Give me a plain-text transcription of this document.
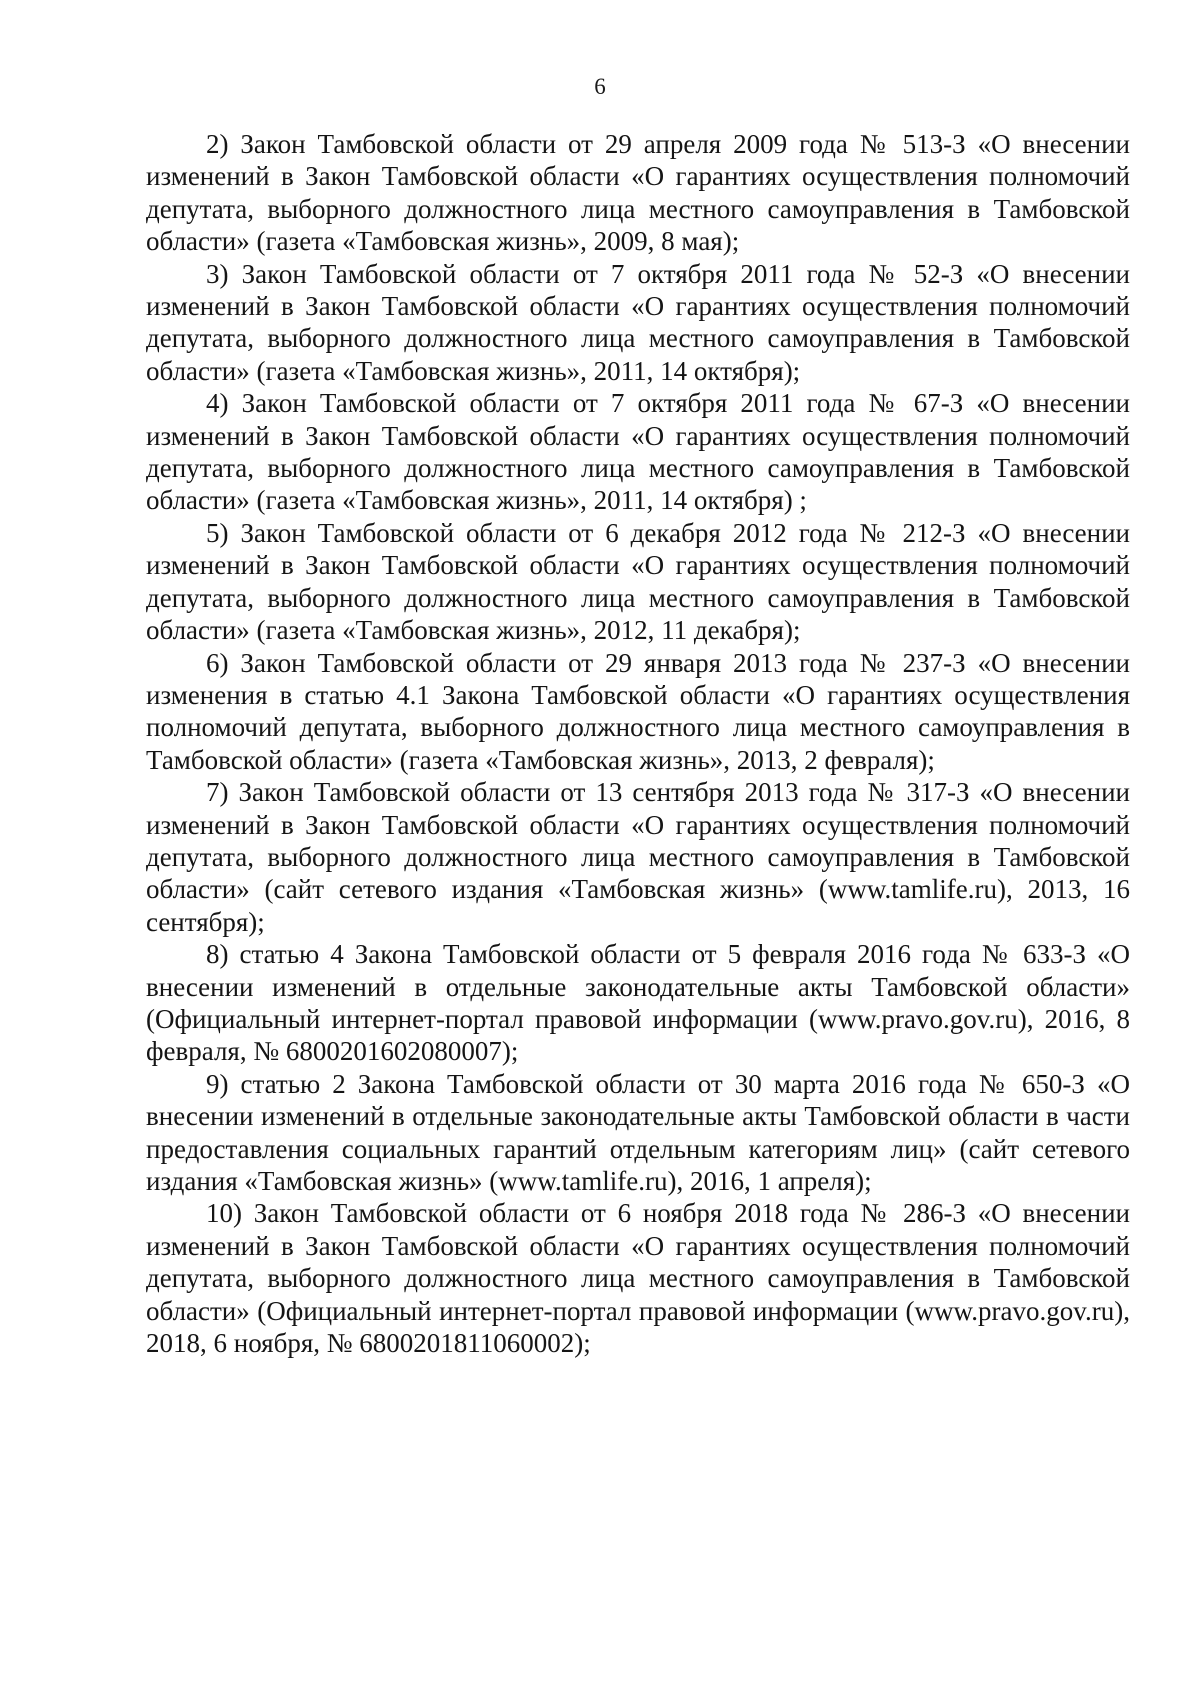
6

2) Закон Тамбовской области от 29 апреля 2009 года № 513-З «О внесении изменений в Закон Тамбовской области «О гарантиях осуществления полномочий депутата, выборного должностного лица местного самоуправления в Тамбовской области» (газета «Тамбовская жизнь», 2009, 8 мая);

3) Закон Тамбовской области от 7 октября 2011 года № 52-З «О внесении изменений в Закон Тамбовской области «О гарантиях осуществления полномочий депутата, выборного должностного лица местного самоуправления в Тамбовской области» (газета «Тамбовская жизнь», 2011, 14 октября);

4) Закон Тамбовской области от 7 октября 2011 года № 67-З «О внесении изменений в Закон Тамбовской области «О гарантиях осуществления полномочий депутата, выборного должностного лица местного самоуправления в Тамбовской области» (газета «Тамбовская жизнь», 2011, 14 октября) ;

5) Закон Тамбовской области от 6 декабря 2012 года № 212-З «О внесении изменений в Закон Тамбовской области «О гарантиях осуществления полномочий депутата, выборного должностного лица местного самоуправления в Тамбовской области» (газета «Тамбовская жизнь», 2012, 11 декабря);

6) Закон Тамбовской области от 29 января 2013 года № 237-З «О внесении изменения в статью 4.1 Закона Тамбовской области «О гарантиях осуществления полномочий депутата, выборного должностного лица местного самоуправления в Тамбовской области» (газета «Тамбовская жизнь», 2013, 2 февраля);

7) Закон Тамбовской области от 13 сентября 2013 года № 317-З «О внесении изменений в Закон Тамбовской области «О гарантиях осуществления полномочий депутата, выборного должностного лица местного самоуправления в Тамбовской области» (сайт сетевого издания «Тамбовская жизнь» (www.tamlife.ru), 2013, 16 сентября);

8) статью 4 Закона Тамбовской области от 5 февраля 2016 года № 633-З «О внесении изменений в отдельные законодательные акты Тамбовской области» (Официальный интернет-портал правовой информации (www.pravo.gov.ru), 2016, 8 февраля, № 6800201602080007);

9) статью 2 Закона Тамбовской области от 30 марта 2016 года № 650-З «О внесении изменений в отдельные законодательные акты Тамбовской области в части предоставления социальных гарантий отдельным категориям лиц» (сайт сетевого издания «Тамбовская жизнь» (www.tamlife.ru), 2016, 1 апреля);

10) Закон Тамбовской области от 6 ноября 2018 года № 286-З «О внесении изменений в Закон Тамбовской области «О гарантиях осуществления полномочий депутата, выборного должностного лица местного самоуправления в Тамбовской области» (Официальный интернет-портал правовой информации (www.pravo.gov.ru), 2018, 6 ноября, № 6800201811060002);
